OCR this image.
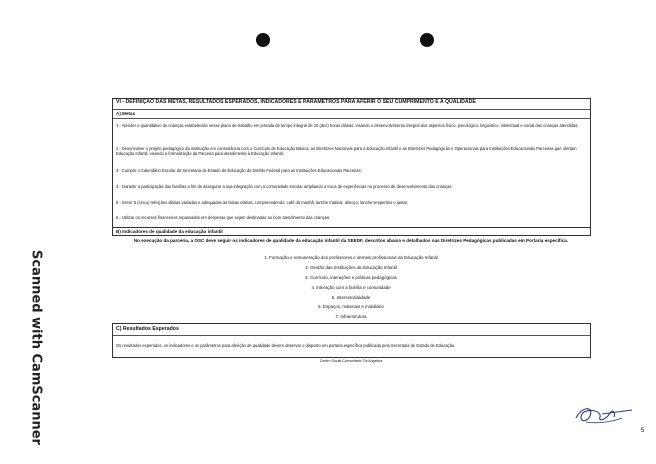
Scanned with CamScanner
VI - DEFINIÇÃO DAS METAS, RESULTADOS ESPERADOS, INDICADORES E PARÂMETROS PARA AFERIR O SEU CUMPRIMENTO E A QUALIDADE
A) Metas
1 - Atender o quantitativo de crianças estabelecido nesse plano de trabalho em jornada de tempo integral de 10 (dez) horas diárias, visando o desenvolvimento integral dos aspectos físico, psicológico, linguístico, intelectual e social das crianças atendidas;
2 - Desenvolver o projeto pedagógico da instituição em consonância com o Currículo de Educação Básica, as Diretrizes Nacionais para a Educação Infantil e as Diretrizes Pedagógicas e Operacionais para Instituições Educacionais Parceiras que ofertam Educação Infantil, visando a formalização da Parceria para atendimento à Educação Infantil;
3 - Cumprir o Calendário Escolar da Secretaria de Estado de Educação do Distrito Federal para as Instituições Educacionais Parceiras;
4 - Garantir a participação das famílias a fim de assegurar a sua integração com a comunidade escolar ampliando a troca de experiências no processo de desenvolvimento das crianças;
5 - Servir 5 (cinco) refeições diárias variadas e adequadas às faixas etárias, compreendendo: café da manhã, lanche matinal, almoço, lanche vespertino e jantar;
6 - Utilizar os recursos financeiros repassados em despesas que sejam destinadas ao bom atendimento das crianças.
B) Indicadores de qualidade da educação infantil
No execução da parceria, a OSC deve seguir os indicadores de qualidade da educação infantil da SEEDF, descritos abaixo e detalhados nas Diretrizes Pedagógicas publicadas em Portaria específica.
1. Formação e remuneração dos professores e demais profissionais da Educação Infantil
2. Gestão das Instituições de Educação Infantil
3. Currículo, interações e práticas pedagógicas
4. Interação com a família e comunidade
5. Intersetorialidade
6. Espaços, materiais e mobiliário
7. Infraestrutura
C) Resultados Esperados
Os resultados esperados, os indicadores e os parâmetros para aferição de qualidade devem observar o disposto em portaria específica publicada pela Secretaria de Estado de Educação.
Centro Social Comunitário Tia Angelina
5
